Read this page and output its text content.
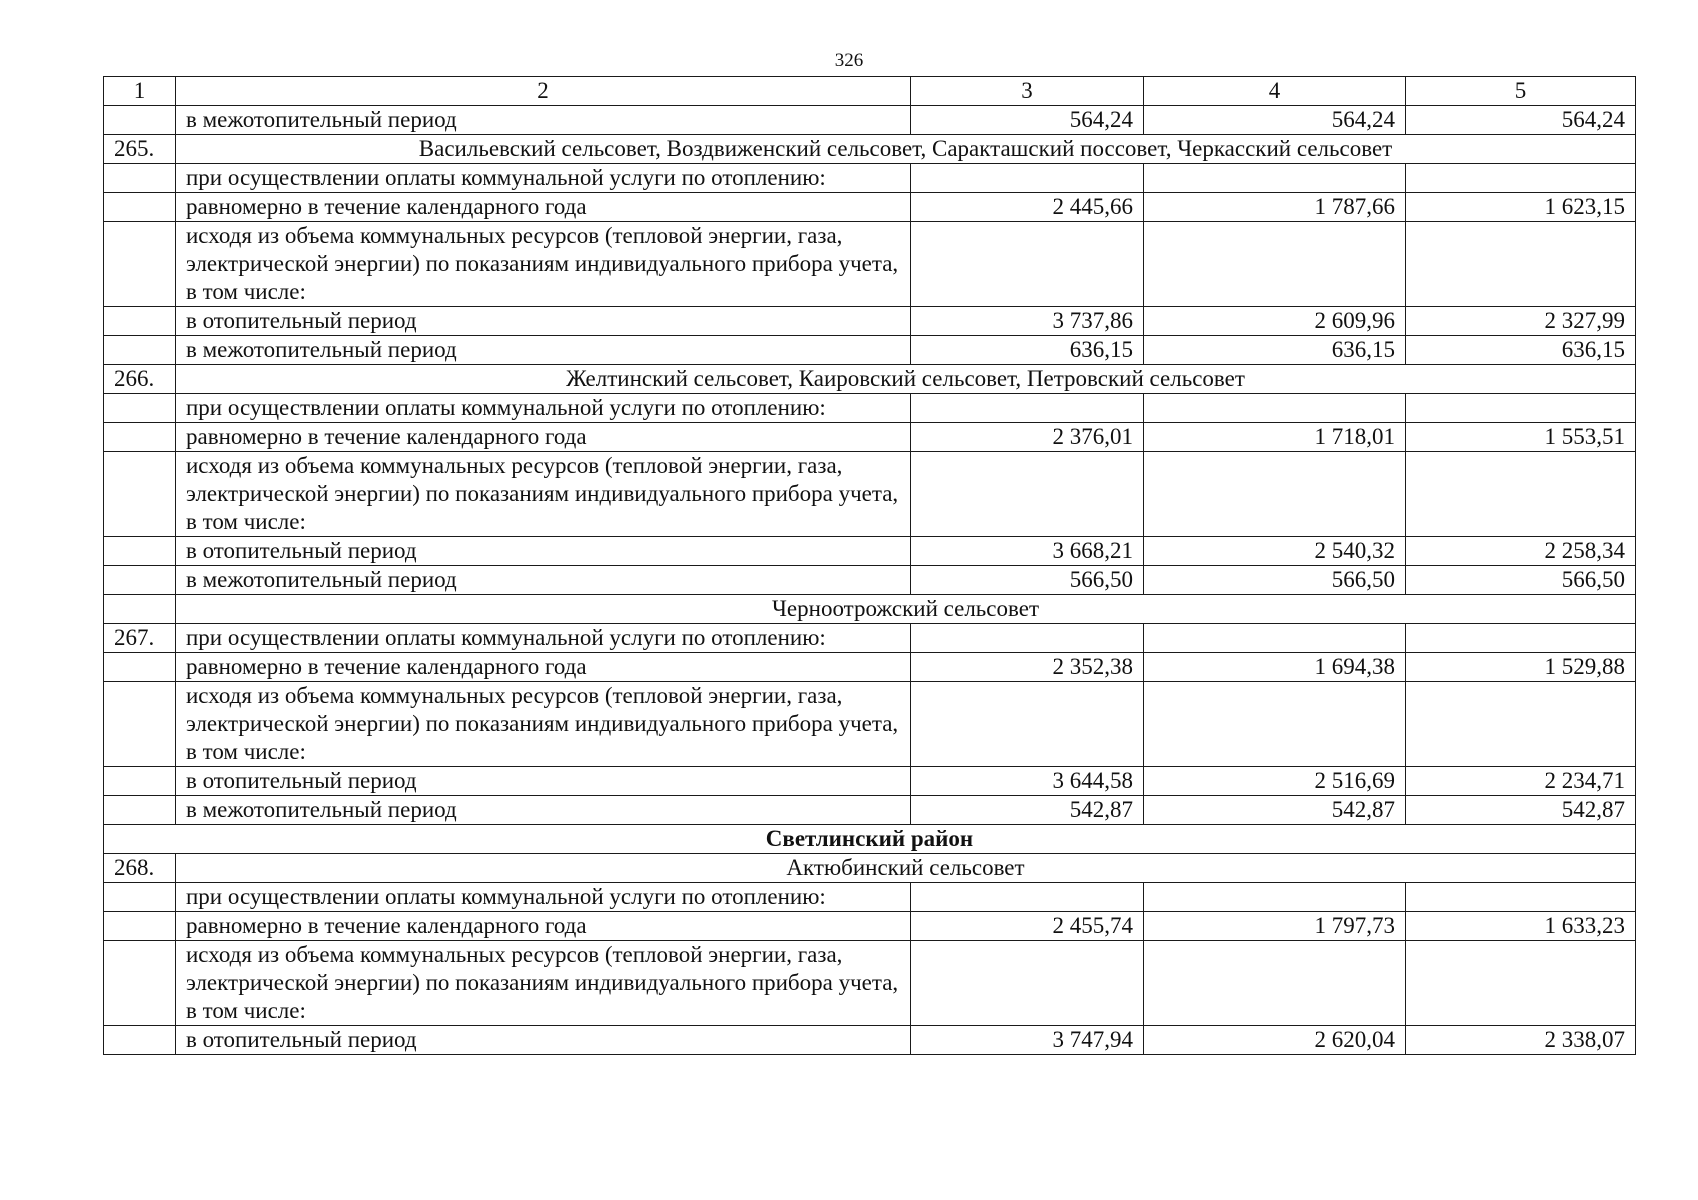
326
1	2	3	4	5
	в межотопительный период	564,24	564,24	564,24
265.	Васильевский сельсовет, Воздвиженский сельсовет, Саракташский поссовет, Черкасский сельсовет			
	при осуществлении оплаты коммунальной услуги по отоплению:			
	равномерно в течение календарного года	2 445,66	1 787,66	1 623,15
	исходя из объема коммунальных ресурсов (тепловой энергии, газа, электрической энергии) по показаниям индивидуального прибора учета, в том числе:			
	в отопительный период	3 737,86	2 609,96	2 327,99
	в межотопительный период	636,15	636,15	636,15
266.	Желтинский сельсовет, Каировский сельсовет, Петровский сельсовет			
	при осуществлении оплаты коммунальной услуги по отоплению:			
	равномерно в течение календарного года	2 376,01	1 718,01	1 553,51
	исходя из объема коммунальных ресурсов (тепловой энергии, газа, электрической энергии) по показаниям индивидуального прибора учета, в том числе:			
	в отопительный период	3 668,21	2 540,32	2 258,34
	в межотопительный период	566,50	566,50	566,50
	Черноотрожский сельсовет			
267.	при осуществлении оплаты коммунальной услуги по отоплению:			
	равномерно в течение календарного года	2 352,38	1 694,38	1 529,88
	исходя из объема коммунальных ресурсов (тепловой энергии, газа, электрической энергии) по показаниям индивидуального прибора учета, в том числе:			
	в отопительный период	3 644,58	2 516,69	2 234,71
	в межотопительный период	542,87	542,87	542,87
Светлинский район				
268.	Актюбинский сельсовет			
	при осуществлении оплаты коммунальной услуги по отоплению:			
	равномерно в течение календарного года	2 455,74	1 797,73	1 633,23
	исходя из объема коммунальных ресурсов (тепловой энергии, газа, электрической энергии) по показаниям индивидуального прибора учета, в том числе:			
	в отопительный период	3 747,94	2 620,04	2 338,07
